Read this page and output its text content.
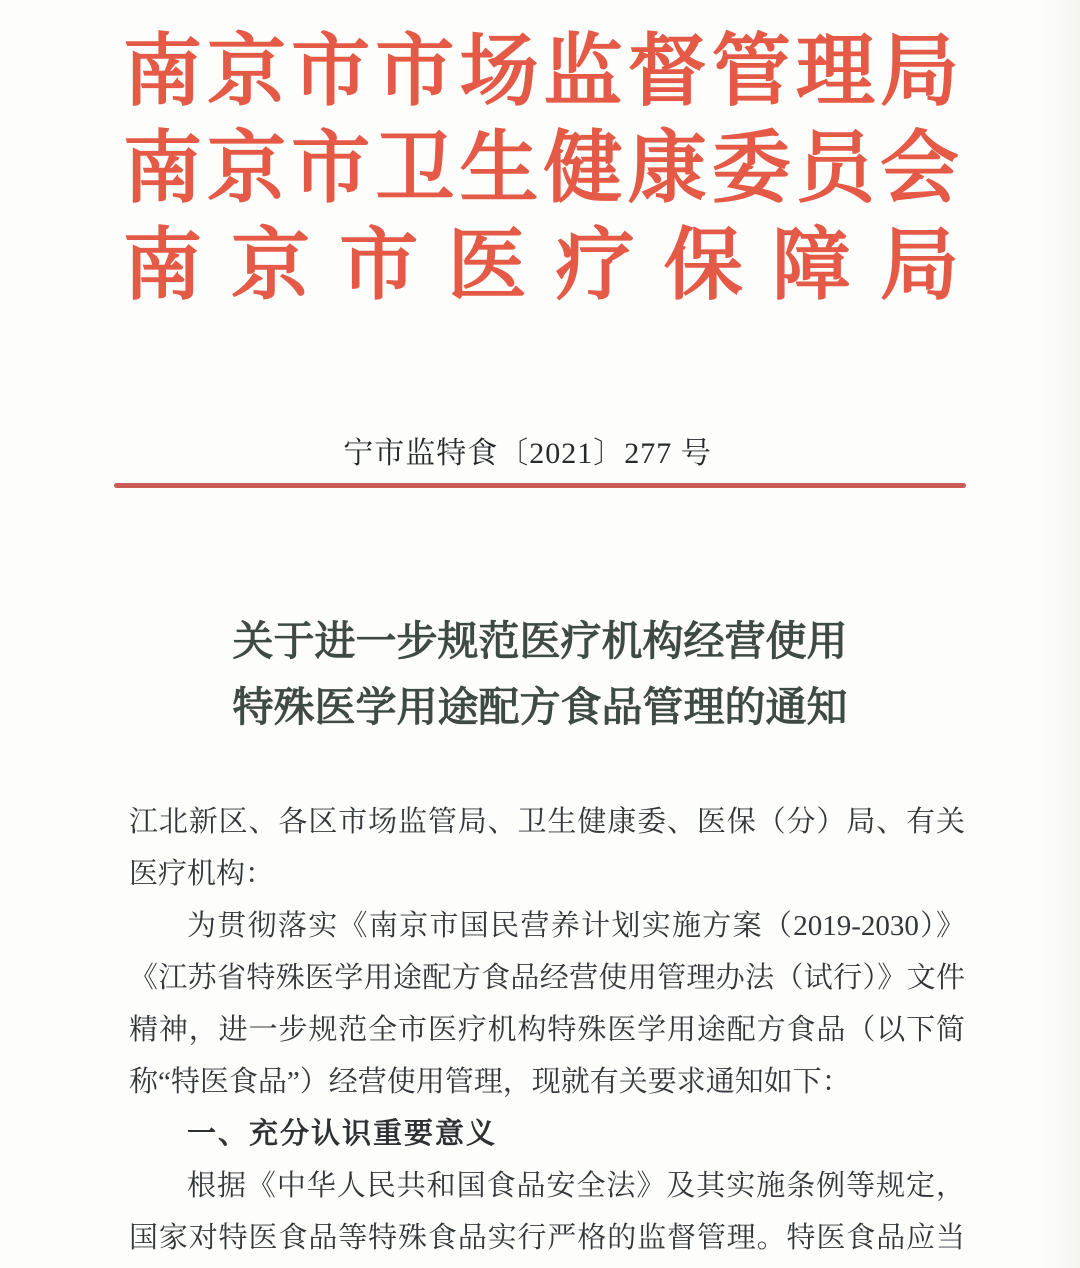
南京市市场监督管理局
南京市卫生健康委员会
南京市医疗保障局
宁市监特食〔2021〕277 号
关于进一步规范医疗机构经营使用
特殊医学用途配方食品管理的通知
江北新区、各区市场监管局、卫生健康委、医保（分）局、有关
医疗机构：
为贯彻落实《南京市国民营养计划实施方案（2019-2030）》
《江苏省特殊医学用途配方食品经营使用管理办法（试行）》文件
精神，进一步规范全市医疗机构特殊医学用途配方食品（以下简
称“特医食品”）经营使用管理，现就有关要求通知如下：
一、充分认识重要意义
根据《中华人民共和国食品安全法》及其实施条例等规定，
国家对特医食品等特殊食品实行严格的监督管理。特医食品应当
